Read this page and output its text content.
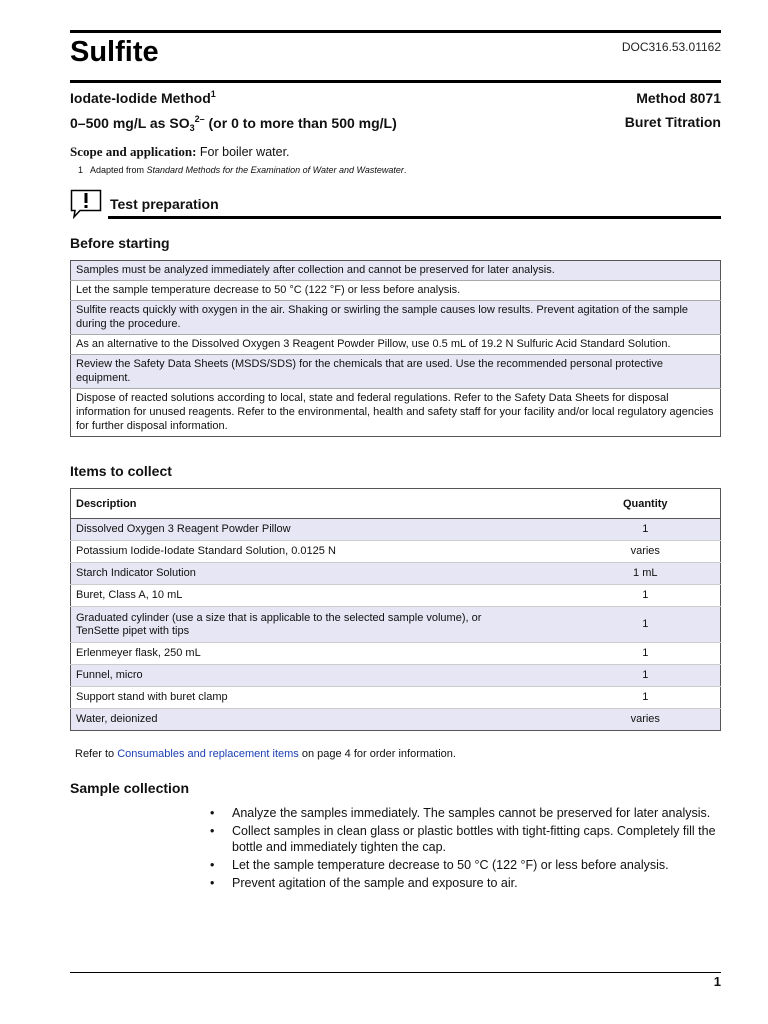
Sulfite	DOC316.53.01162
Iodate-Iodide Method$^1$	Method 8071
0–500 mg/L as $SO_3^{2-}$ (or 0 to more than 500 mg/L)	Buret Titration
Scope and application: For boiler water.
1 Adapted from Standard Methods for the Examination of Water and Wastewater.
Test preparation
Before starting
Samples must be analyzed immediately after collection and cannot be preserved for later analysis.
Let the sample temperature decrease to 50 °C (122 °F) or less before analysis.
Sulfite reacts quickly with oxygen in the air. Shaking or swirling the sample causes low results. Prevent agitation of the sample during the procedure.
As an alternative to the Dissolved Oxygen 3 Reagent Powder Pillow, use 0.5 mL of 19.2 N Sulfuric Acid Standard Solution.
Review the Safety Data Sheets (MSDS/SDS) for the chemicals that are used. Use the recommended personal protective equipment.
Dispose of reacted solutions according to local, state and federal regulations. Refer to the Safety Data Sheets for disposal information for unused reagents. Refer to the environmental, health and safety staff for your facility and/or local regulatory agencies for further disposal information.
Items to collect
Description	Quantity
Dissolved Oxygen 3 Reagent Powder Pillow	1
Potassium Iodide-Iodate Standard Solution, 0.0125 N	varies
Starch Indicator Solution	1 mL
Buret, Class A, 10 mL	1
Graduated cylinder (use a size that is applicable to the selected sample volume), or TenSette pipet with tips	1
Erlenmeyer flask, 250 mL	1
Funnel, micro	1
Support stand with buret clamp	1
Water, deionized	varies
Refer to Consumables and replacement items on page 4 for order information.
Sample collection
• Analyze the samples immediately. The samples cannot be preserved for later analysis.
• Collect samples in clean glass or plastic bottles with tight-fitting caps. Completely fill the bottle and immediately tighten the cap.
• Let the sample temperature decrease to 50 °C (122 °F) or less before analysis.
• Prevent agitation of the sample and exposure to air.
1
